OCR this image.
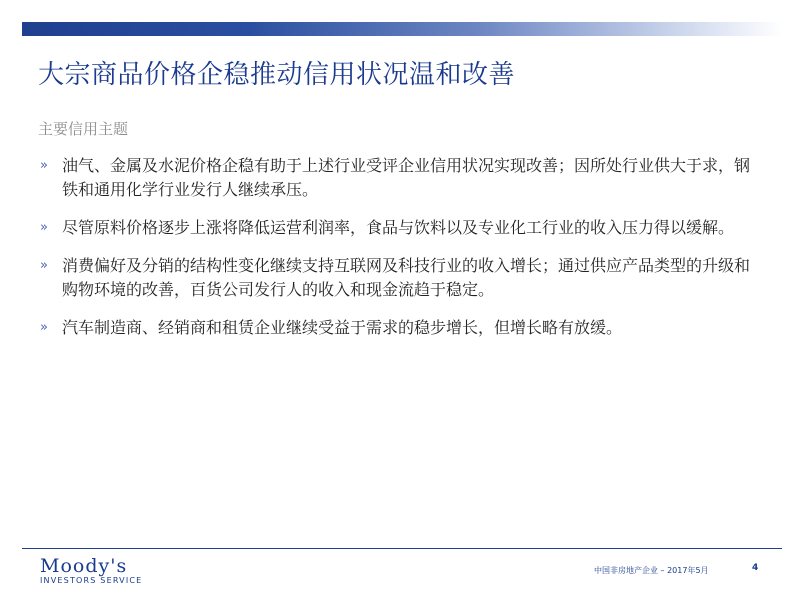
大宗商品价格企稳推动信用状况温和改善
主要信用主题
» 油气、金属及水泥价格企稳有助于上述行业受评企业信用状况实现改善；因所处行业供大于求，钢铁和通用化学行业发行人继续承压。
» 尽管原料价格逐步上涨将降低运营利润率，食品与饮料以及专业化工行业的收入压力得以缓解。
» 消费偏好及分销的结构性变化继续支持互联网及科技行业的收入增长；通过供应产品类型的升级和购物环境的改善，百货公司发行人的收入和现金流趋于稳定。
» 汽车制造商、经销商和租赁企业继续受益于需求的稳步增长，但增长略有放缓。
Moody's
INVESTORS SERVICE
中国非房地产企业 – 2017年5月	4
